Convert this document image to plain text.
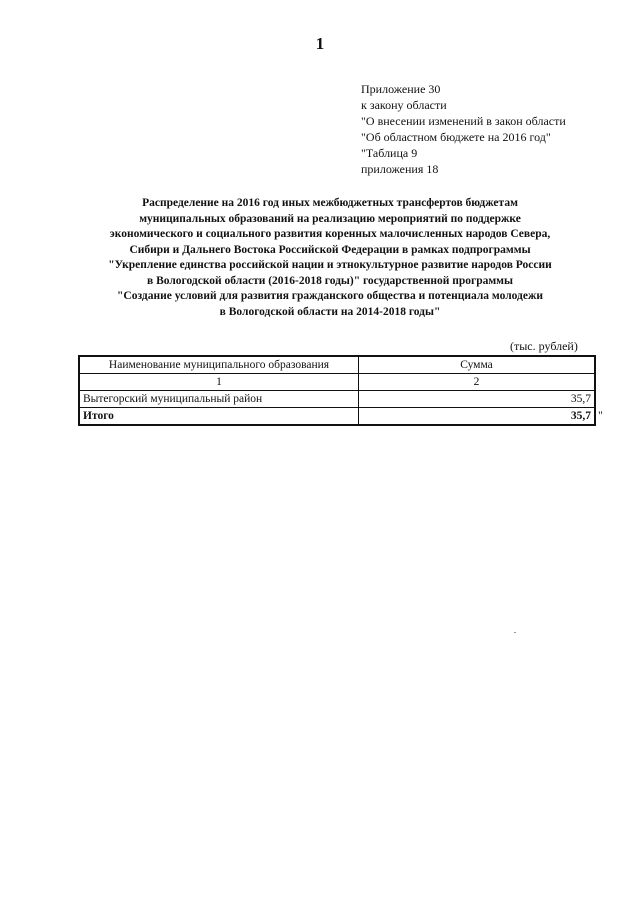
1
Приложение 30
к закону области
"О внесении изменений в закон области
"Об областном бюджете на 2016 год"
"Таблица 9
приложения 18
Распределение на 2016 год иных межбюджетных трансфертов бюджетам
муниципальных образований на реализацию мероприятий по поддержке
экономического и социального развития коренных малочисленных народов Севера,
Сибири и Дальнего Востока Российской Федерации в рамках подпрограммы
"Укрепление единства российской нации и этнокультурное развитие народов России
в Вологодской области (2016-2018 годы)" государственной программы
"Создание условий для развития гражданского общества и потенциала молодежи
в Вологодской области на 2014-2018 годы"
(тыс. рублей)
Наименование муниципального образования	Сумма
1	2
Вытегорский муниципальный район	35,7
Итого	35,7 "
